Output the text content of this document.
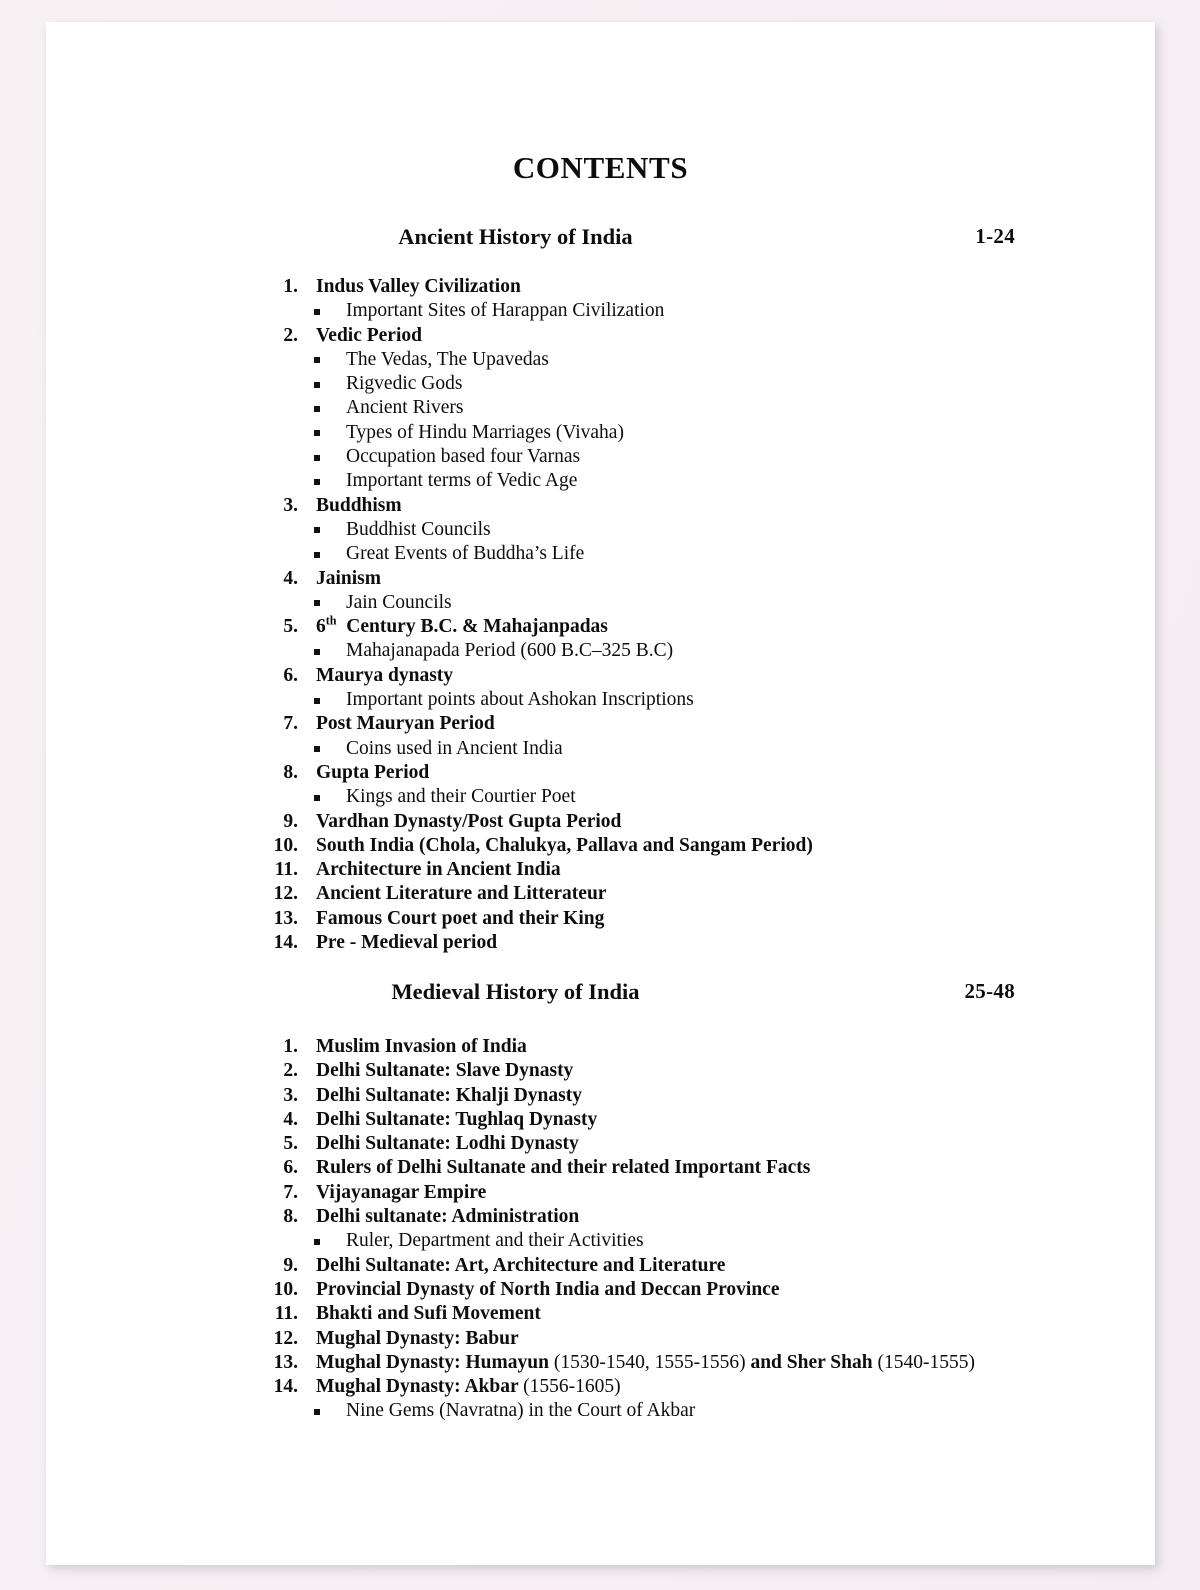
CONTENTS
Ancient History of India	1-24
1. Indus Valley Civilization
Important Sites of Harappan Civilization
2. Vedic Period
The Vedas, The Upavedas
Rigvedic Gods
Ancient Rivers
Types of Hindu Marriages (Vivaha)
Occupation based four Varnas
Important terms of Vedic Age
3. Buddhism
Buddhist Councils
Great Events of Buddha’s Life
4. Jainism
Jain Councils
5. 6th  Century B.C. & Mahajanpadas
Mahajanapada Period (600 B.C–325 B.C)
6. Maurya dynasty
Important points about Ashokan Inscriptions
7. Post Mauryan Period
Coins used in Ancient India
8. Gupta Period
Kings and their Courtier Poet
9. Vardhan Dynasty/Post Gupta Period
10. South India (Chola, Chalukya, Pallava and Sangam Period)
11. Architecture in Ancient India
12. Ancient Literature and Litterateur
13. Famous Court poet and their King
14. Pre - Medieval period
Medieval History of India	25-48
1. Muslim Invasion of India
2. Delhi Sultanate: Slave Dynasty
3. Delhi Sultanate: Khalji Dynasty
4. Delhi Sultanate: Tughlaq Dynasty
5. Delhi Sultanate: Lodhi Dynasty
6. Rulers of Delhi Sultanate and their related Important Facts
7. Vijayanagar Empire
8. Delhi sultanate: Administration
Ruler, Department and their Activities
9. Delhi Sultanate: Art, Architecture and Literature
10. Provincial Dynasty of North India and Deccan Province
11. Bhakti and Sufi Movement
12. Mughal Dynasty: Babur
13. Mughal Dynasty: Humayun (1530-1540, 1555-1556) and Sher Shah (1540-1555)
14. Mughal Dynasty: Akbar (1556-1605)
Nine Gems (Navratna) in the Court of Akbar
